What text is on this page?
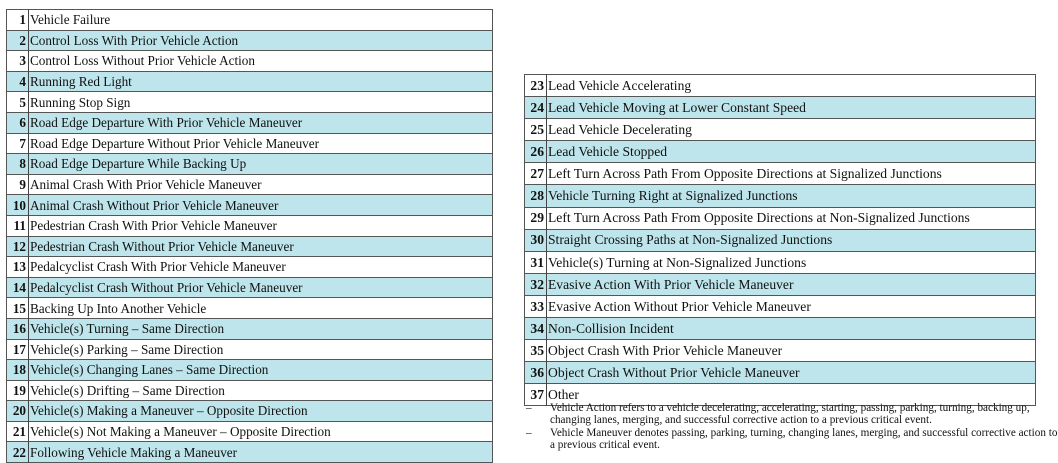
1	Vehicle Failure
2	Control Loss With Prior Vehicle Action
3	Control Loss Without Prior Vehicle Action
4	Running Red Light
5	Running Stop Sign
6	Road Edge Departure With Prior Vehicle Maneuver
7	Road Edge Departure Without Prior Vehicle Maneuver
8	Road Edge Departure While Backing Up
9	Animal Crash With Prior Vehicle Maneuver
10	Animal Crash Without Prior Vehicle Maneuver
11	Pedestrian Crash With Prior Vehicle Maneuver
12	Pedestrian Crash Without Prior Vehicle Maneuver
13	Pedalcyclist Crash With Prior Vehicle Maneuver
14	Pedalcyclist Crash Without Prior Vehicle Maneuver
15	Backing Up Into Another Vehicle
16	Vehicle(s) Turning – Same Direction
17	Vehicle(s) Parking – Same Direction
18	Vehicle(s) Changing Lanes – Same Direction
19	Vehicle(s) Drifting – Same Direction
20	Vehicle(s) Making a Maneuver – Opposite Direction
21	Vehicle(s) Not Making a Maneuver – Opposite Direction
22	Following Vehicle Making a Maneuver
23	Lead Vehicle Accelerating
24	Lead Vehicle Moving at Lower Constant Speed
25	Lead Vehicle Decelerating
26	Lead Vehicle Stopped
27	Left Turn Across Path From Opposite Directions at Signalized Junctions
28	Vehicle Turning Right at Signalized Junctions
29	Left Turn Across Path From Opposite Directions at Non-Signalized Junctions
30	Straight Crossing Paths at Non-Signalized Junctions
31	Vehicle(s) Turning at Non-Signalized Junctions
32	Evasive Action With Prior Vehicle Maneuver
33	Evasive Action Without Prior Vehicle Maneuver
34	Non-Collision Incident
35	Object Crash With Prior Vehicle Maneuver
36	Object Crash Without Prior Vehicle Maneuver
37	Other
–	Vehicle Action refers to a vehicle decelerating, accelerating, starting, passing, parking, turning, backing up, changing lanes, merging, and successful corrective action to a previous critical event.
–	Vehicle Maneuver denotes passing, parking, turning, changing lanes, merging, and successful corrective action to a previous critical event.
